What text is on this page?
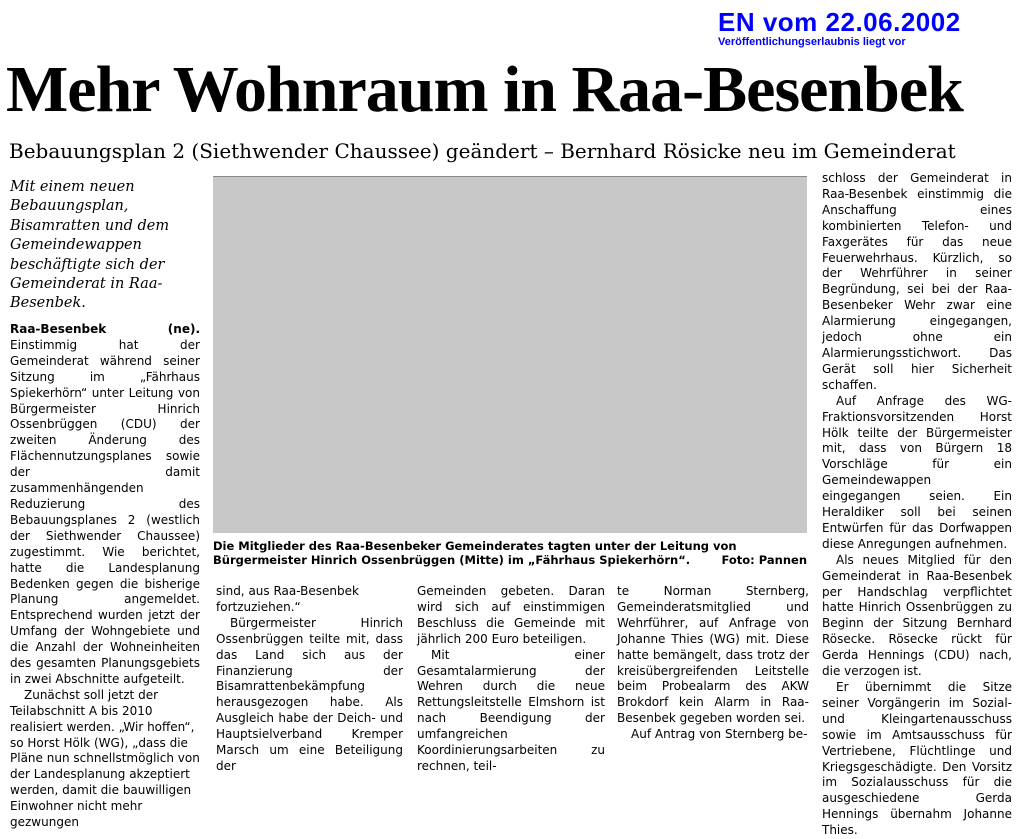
EN vom 22.06.2002
Veröffentlichungserlaubnis liegt vor
Mehr Wohnraum in Raa-Besenbek
Bebauungsplan 2 (Siethwender Chaussee) geändert – Bernhard Rösicke neu im Gemeinderat
Mit einem neuen Bebauungsplan, Bisamratten und dem Gemeindewappen beschäftigte sich der Gemeinderat in Raa-Besenbek.

Raa-Besenbek (ne). Einstimmig hat der Gemeinderat während seiner Sitzung im „Fährhaus Spiekerhörn“ unter Leitung von Bürgermeister Hinrich Ossenbrüggen (CDU) der zweiten Änderung des Flächennutzungsplanes sowie der damit zusammenhängenden Reduzierung des Bebauungsplanes 2 (westlich der Siethwender Chaussee) zugestimmt. Wie berichtet, hatte die Landesplanung Bedenken gegen die bisherige Planung angemeldet. Entsprechend wurden jetzt der Umfang der Wohngebiete und die Anzahl der Wohneinheiten des gesamten Planungsgebiets in zwei Abschnitte aufgeteilt.

Zunächst soll jetzt der Teilabschnitt A bis 2010 realisiert werden. „Wir hoffen“, so Horst Hölk (WG), „dass die Pläne nun schnellstmöglich von der Landesplanung akzeptiert werden, damit die bauwilligen Einwohner nicht mehr gezwungen

Die Mitglieder des Raa-Besenbeker Gemeinderates tagten unter der Leitung von Bürgermeister Hinrich Ossenbrüggen (Mitte) im „Fährhaus Spiekerhörn“.	Foto: Pannen

sind, aus Raa-Besenbek fortzuziehen.“

Bürgermeister Hinrich Ossenbrüggen teilte mit, dass das Land sich aus der Finanzierung der Bisamrattenbekämpfung herausgezogen habe. Als Ausgleich habe der Deich- und Hauptsielverband Kremper Marsch um eine Beteiligung der

Gemeinden gebeten. Daran wird sich auf einstimmigen Beschluss die Gemeinde mit jährlich 200 Euro beteiligen.

Mit einer Gesamtalarmierung der Wehren durch die neue Rettungsleitstelle Elmshorn ist nach Beendigung der umfangreichen Koordinierungsarbeiten zu rechnen, teil-

te Norman Sternberg, Gemeinderatsmitglied und Wehrführer, auf Anfrage von Johanne Thies (WG) mit. Diese hatte bemängelt, dass trotz der kreisübergreifenden Leitstelle beim Probealarm des AKW Brokdorf kein Alarm in Raa-Besenbek gegeben worden sei.

Auf Antrag von Sternberg be-

schloss der Gemeinderat in Raa-Besenbek einstimmig die Anschaffung eines kombinierten Telefon- und Faxgerätes für das neue Feuerwehrhaus. Kürzlich, so der Wehrführer in seiner Begründung, sei bei der Raa-Besenbeker Wehr zwar eine Alarmierung eingegangen, jedoch ohne ein Alarmierungsstichwort. Das Gerät soll hier Sicherheit schaffen.

Auf Anfrage des WG-Fraktionsvorsitzenden Horst Hölk teilte der Bürgermeister mit, dass von Bürgern 18 Vorschläge für ein Gemeindewappen eingegangen seien. Ein Heraldiker soll bei seinen Entwürfen für das Dorfwappen diese Anregungen aufnehmen.

Als neues Mitglied für den Gemeinderat in Raa-Besenbek per Handschlag verpflichtet hatte Hinrich Ossenbrüggen zu Beginn der Sitzung Bernhard Rösecke. Rösecke rückt für Gerda Hennings (CDU) nach, die verzogen ist.

Er übernimmt die Sitze seiner Vorgängerin im Sozial- und Kleingartenausschuss sowie im Amtsausschuss für Vertriebene, Flüchtlinge und Kriegsgeschädigte. Den Vorsitz im Sozialausschuss für die ausgeschiedene Gerda Hennings übernahm Johanne Thies.
